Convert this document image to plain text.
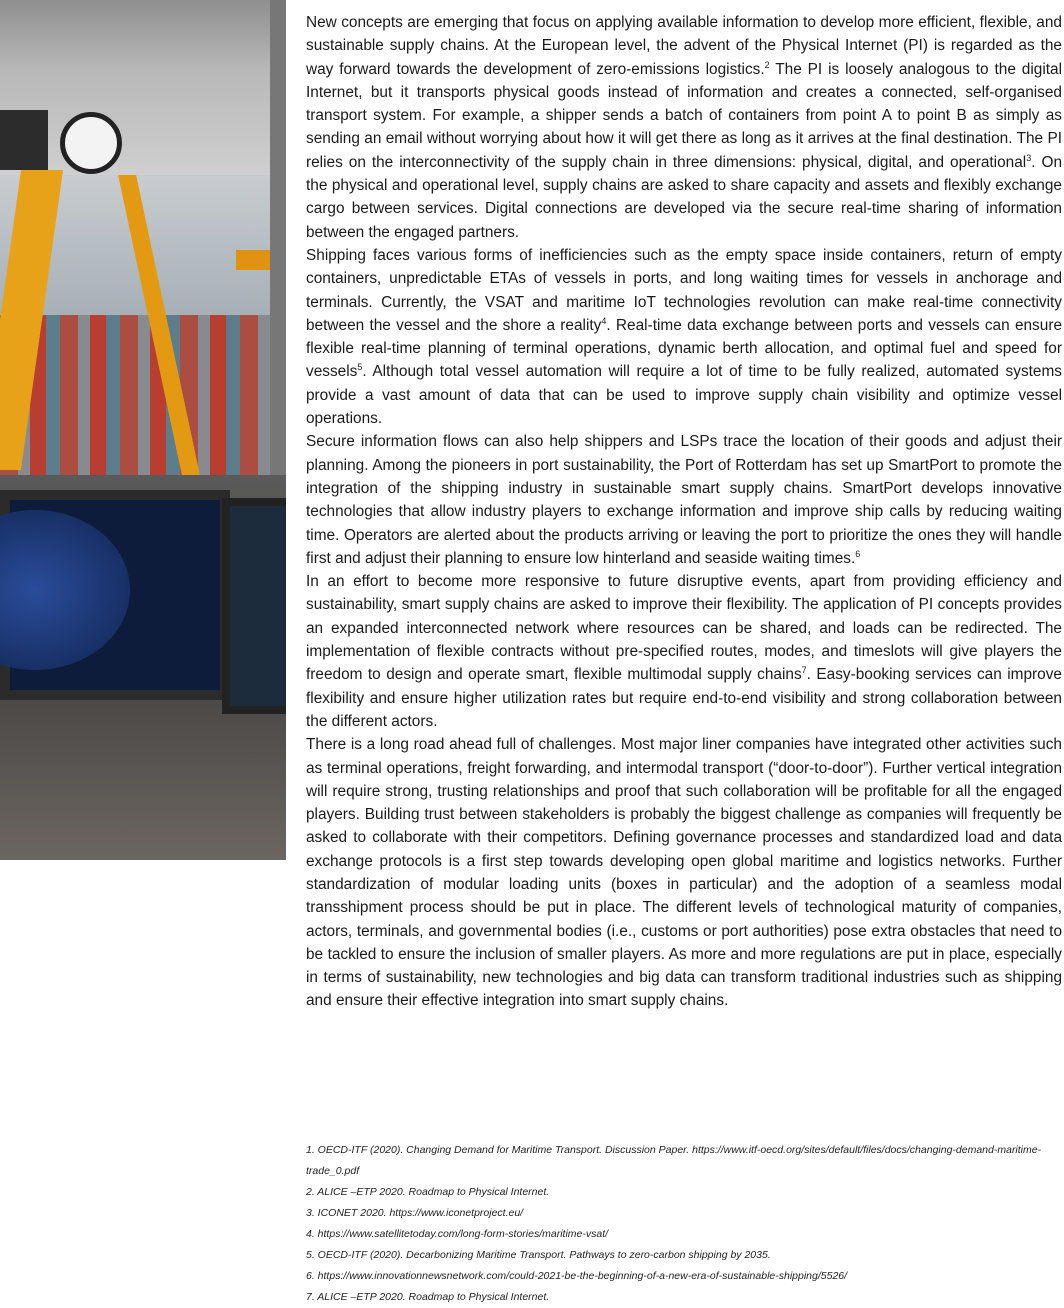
New concepts are emerging that focus on applying available information to develop more efficient, flexible, and sustainable supply chains. At the European level, the advent of the Physical Internet (PI) is regarded as the way forward towards the development of zero-emissions logistics.$^2$ The PI is loosely analogous to the digital Internet, but it transports physical goods instead of information and creates a connected, self-organised transport system. For example, a shipper sends a batch of containers from point A to point B as simply as sending an email without worrying about how it will get there as long as it arrives at the final destination. The PI relies on the interconnectivity of the supply chain in three dimensions: physical, digital, and operational$^3$. On the physical and operational level, supply chains are asked to share capacity and assets and flexibly exchange cargo between services. Digital connections are developed via the secure real-time sharing of information between the engaged partners.

Shipping faces various forms of inefficiencies such as the empty space inside containers, return of empty containers, unpredictable ETAs of vessels in ports, and long waiting times for vessels in anchorage and terminals. Currently, the VSAT and maritime IoT technologies revolution can make real-time connectivity between the vessel and the shore a reality$^4$. Real-time data exchange between ports and vessels can ensure flexible real-time planning of terminal operations, dynamic berth allocation, and optimal fuel and speed for vessels$^5$. Although total vessel automation will require a lot of time to be fully realized, automated systems provide a vast amount of data that can be used to improve supply chain visibility and optimize vessel operations.

Secure information flows can also help shippers and LSPs trace the location of their goods and adjust their planning. Among the pioneers in port sustainability, the Port of Rotterdam has set up SmartPort to promote the integration of the shipping industry in sustainable smart supply chains. SmartPort develops innovative technologies that allow industry players to exchange information and improve ship calls by reducing waiting time. Operators are alerted about the products arriving or leaving the port to prioritize the ones they will handle first and adjust their planning to ensure low hinterland and seaside waiting times.$^6$

In an effort to become more responsive to future disruptive events, apart from providing efficiency and sustainability, smart supply chains are asked to improve their flexibility. The application of PI concepts provides an expanded interconnected network where resources can be shared, and loads can be redirected. The implementation of flexible contracts without pre-specified routes, modes, and timeslots will give players the freedom to design and operate smart, flexible multimodal supply chains$^7$. Easy-booking services can improve flexibility and ensure higher utilization rates but require end-to-end visibility and strong collaboration between the different actors.

There is a long road ahead full of challenges. Most major liner companies have integrated other activities such as terminal operations, freight forwarding, and intermodal transport (“door-to-door”). Further vertical integration will require strong, trusting relationships and proof that such collaboration will be profitable for all the engaged players. Building trust between stakeholders is probably the biggest challenge as companies will frequently be asked to collaborate with their competitors. Defining governance processes and standardized load and data exchange protocols is a first step towards developing open global maritime and logistics networks. Further standardization of modular loading units (boxes in particular) and the adoption of a seamless modal transshipment process should be put in place. The different levels of technological maturity of companies, actors, terminals, and governmental bodies (i.e., customs or port authorities) pose extra obstacles that need to be tackled to ensure the inclusion of smaller players. As more and more regulations are put in place, especially in terms of sustainability, new technologies and big data can transform traditional industries such as shipping and ensure their effective integration into smart supply chains.

1. OECD-ITF (2020). Changing Demand for Maritime Transport. Discussion Paper. https://www.itf-oecd.org/sites/default/files/docs/changing-demand-maritime-trade_0.pdf
2. ALICE –ETP 2020. Roadmap to Physical Internet.
3. ICONET 2020. https://www.iconetproject.eu/
4. https://www.satellitetoday.com/long-form-stories/maritime-vsat/
5. OECD-ITF (2020). Decarbonizing Maritime Transport. Pathways to zero-carbon shipping by 2035.
6. https://www.innovationnewsnetwork.com/could-2021-be-the-beginning-of-a-new-era-of-sustainable-shipping/5526/
7. ALICE –ETP 2020. Roadmap to Physical Internet.
